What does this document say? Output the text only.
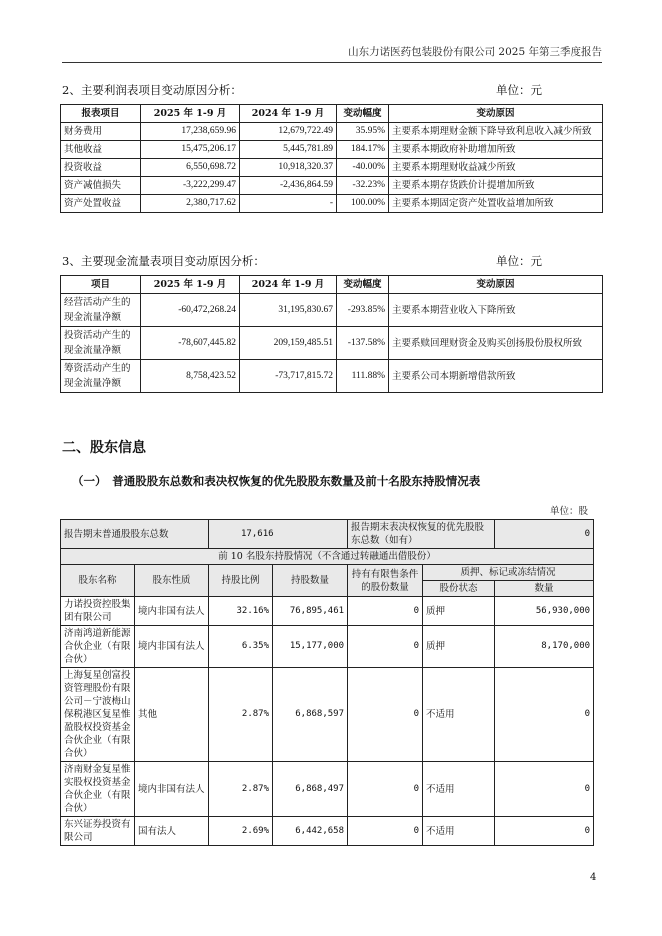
山东力诺医药包装股份有限公司 2025 年第三季度报告
2、主要利润表项目变动原因分析：	单位：元
报表项目	2025 年 1-9 月	2024 年 1-9 月	变动幅度	变动原因
财务费用	17,238,659.96	12,679,722.49	35.95%	主要系本期理财金额下降导致利息收入减少所致
其他收益	15,475,206.17	5,445,781.89	184.17%	主要系本期政府补助增加所致
投资收益	6,550,698.72	10,918,320.37	-40.00%	主要系本期理财收益减少所致
资产减值损失	-3,222,299.47	-2,436,864.59	-32.23%	主要系本期存货跌价计提增加所致
资产处置收益	2,380,717.62	-	100.00%	主要系本期固定资产处置收益增加所致
3、主要现金流量表项目变动原因分析：	单位：元
项目	2025 年 1-9 月	2024 年 1-9 月	变动幅度	变动原因
经营活动产生的现金流量净额	-60,472,268.24	31,195,830.67	-293.85%	主要系本期营业收入下降所致
投资活动产生的现金流量净额	-78,607,445.82	209,159,485.51	-137.58%	主要系赎回理财资金及购买创扬股份股权所致
筹资活动产生的现金流量净额	8,758,423.52	-73,717,815.72	111.88%	主要系公司本期新增借款所致
二、股东信息
（一）　普通股股东总数和表决权恢复的优先股股东数量及前十名股东持股情况表
单位：股
报告期末普通股股东总数		17,616		报告期末表决权恢复的优先股股东总数（如有）		0
前 10 名股东持股情况（不含通过转融通出借股份）						
股东名称	股东性质	持股比例	持股数量	持有有限售条件的股份数量	质押、标记或冻结情况	
					股份状态	数量
力诺投资控股集团有限公司	境内非国有法人	32.16%	76,895,461	0	质押	56,930,000
济南鸿道新能源合伙企业（有限合伙）	境内非国有法人	6.35%	15,177,000	0	质押	8,170,000
上海复星创富投资管理股份有限公司－宁波梅山保税港区复星惟盈股权投资基金合伙企业（有限合伙）	其他	2.87%	6,868,597	0	不适用	0
济南财金复星惟实股权投资基金合伙企业（有限合伙）	境内非国有法人	2.87%	6,868,497	0	不适用	0
东兴证券投资有限公司	国有法人	2.69%	6,442,658	0	不适用	0
4
